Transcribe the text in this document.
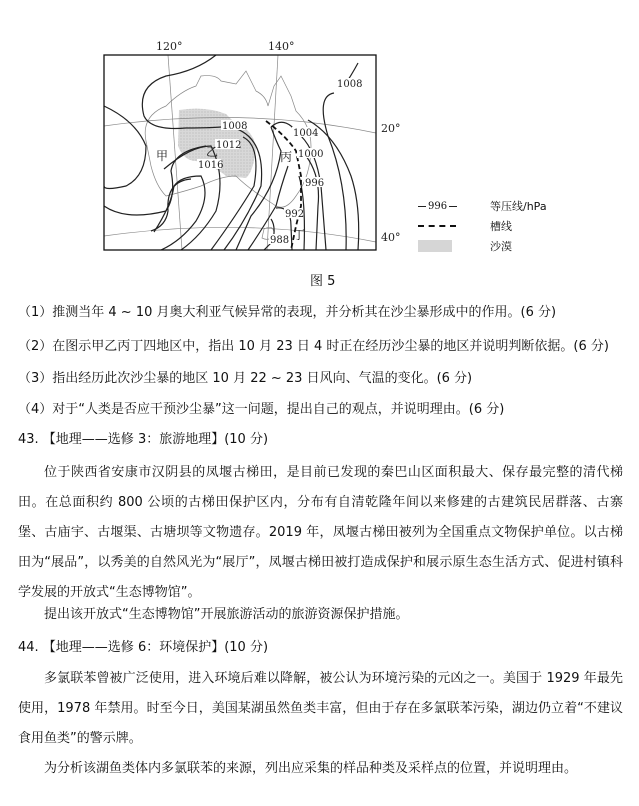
120°	140°
20°
40°
1008
1008
1004
1012
1000
1016
996
992
988
甲	乙	丙
丁
996	等压线/hPa
槽线
沙漠
图 5
（1）推测当年 4 ~ 10 月奥大利亚气候异常的表现，并分析其在沙尘暴形成中的作用。(6 分)
（2）在图示甲乙丙丁四地区中，指出 10 月 23 日 4 时正在经历沙尘暴的地区并说明判断依据。(6 分)
（3）指出经历此次沙尘暴的地区 10 月 22 ~ 23 日风向、气温的变化。(6 分)
（4）对于“人类是否应干预沙尘暴”这一问题，提出自己的观点，并说明理由。(6 分)
43. 【地理——选修 3：旅游地理】(10 分)
位于陕西省安康市汉阴县的凤堰古梯田，是目前已发现的秦巴山区面积最大、保存最完整的清代梯田。在总面积约 800 公顷的古梯田保护区内，分布有自清乾隆年间以来修建的古建筑民居群落、古寨堡、古庙宇、古堰渠、古塘坝等文物遗存。2019 年，凤堰古梯田被列为全国重点文物保护单位。以古梯田为“展品”，以秀美的自然风光为“展厅”，凤堰古梯田被打造成保护和展示原生态生活方式、促进村镇科学发展的开放式“生态博物馆”。
提出该开放式“生态博物馆”开展旅游活动的旅游资源保护措施。
44. 【地理——选修 6：环境保护】(10 分)
多氯联苯曾被广泛使用，进入环境后难以降解，被公认为环境污染的元凶之一。美国于 1929 年最先使用，1978 年禁用。时至今日，美国某湖虽然鱼类丰富，但由于存在多氯联苯污染，湖边仍立着“不建议食用鱼类”的警示牌。
为分析该湖鱼类体内多氯联苯的来源，列出应采集的样品种类及采样点的位置，并说明理由。
